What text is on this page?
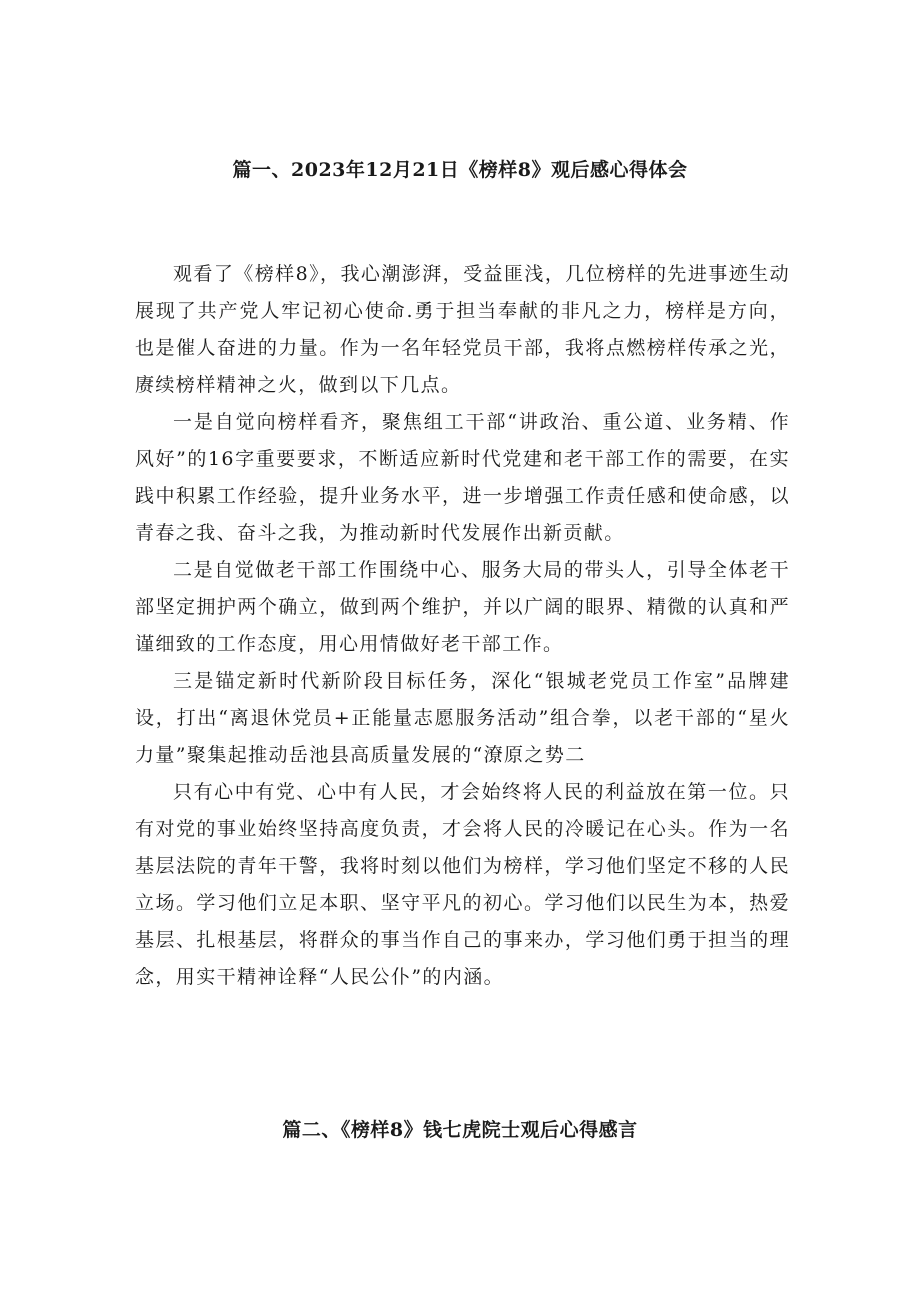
篇一、2023年12月21日《榜样8》观后感心得体会

观看了《榜样8》，我心潮澎湃，受益匪浅，几位榜样的先进事迹生动展现了共产党人牢记初心使命.勇于担当奉献的非凡之力，榜样是方向，也是催人奋进的力量。作为一名年轻党员干部，我将点燃榜样传承之光，赓续榜样精神之火，做到以下几点。

一是自觉向榜样看齐，聚焦组工干部“讲政治、重公道、业务精、作风好”的16字重要要求，不断适应新时代党建和老干部工作的需要，在实践中积累工作经验，提升业务水平，进一步增强工作责任感和使命感，以青春之我、奋斗之我，为推动新时代发展作出新贡献。

二是自觉做老干部工作围绕中心、服务大局的带头人，引导全体老干部坚定拥护两个确立，做到两个维护，并以广阔的眼界、精微的认真和严谨细致的工作态度，用心用情做好老干部工作。

三是锚定新时代新阶段目标任务，深化“银城老党员工作室”品牌建设，打出“离退休党员+正能量志愿服务活动”组合拳，以老干部的“星火力量”聚集起推动岳池县高质量发展的“潦原之势二

只有心中有党、心中有人民，才会始终将人民的利益放在第一位。只有对党的事业始终坚持高度负责，才会将人民的冷暖记在心头。作为一名基层法院的青年干警，我将时刻以他们为榜样，学习他们坚定不移的人民立场。学习他们立足本职、坚守平凡的初心。学习他们以民生为本，热爱基层、扎根基层，将群众的事当作自己的事来办，学习他们勇于担当的理念，用实干精神诠释“人民公仆”的内涵。

篇二、《榜样8》钱七虎院士观后心得感言
